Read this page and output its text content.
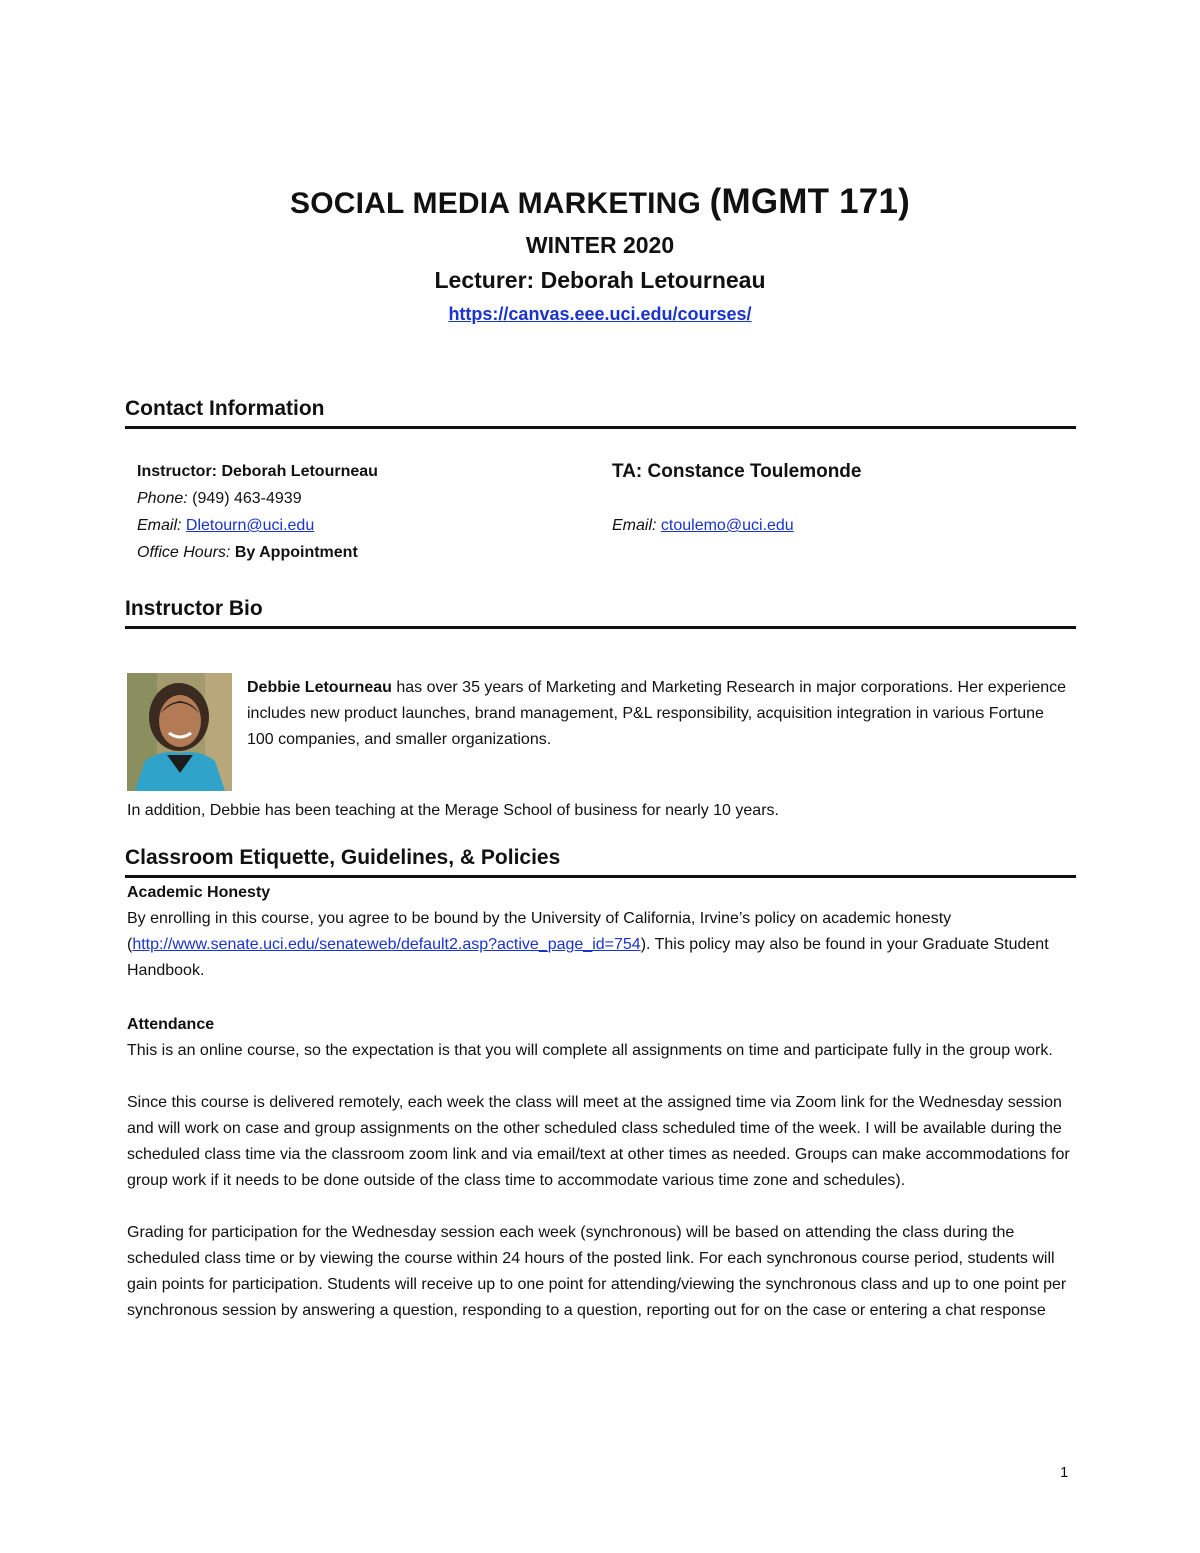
SOCIAL MEDIA MARKETING (MGMT 171)
WINTER 2020
Lecturer: Deborah Letourneau
https://canvas.eee.uci.edu/courses/
Contact Information
Instructor: Deborah Letourneau
Phone: (949) 463-4939
Email: Dletourn@uci.edu
Office Hours: By Appointment
TA: Constance Toulemonde
Email: ctoulemo@uci.edu
Instructor Bio
Debbie Letourneau has over 35 years of Marketing and Marketing Research in major corporations. Her experience includes new product launches, brand management, P&L responsibility, acquisition integration in various Fortune 100 companies, and smaller organizations.
In addition, Debbie has been teaching at the Merage School of business for nearly 10 years.
Classroom Etiquette, Guidelines, & Policies
Academic Honesty
By enrolling in this course, you agree to be bound by the University of California, Irvine’s policy on academic honesty (http://www.senate.uci.edu/senateweb/default2.asp?active_page_id=754). This policy may also be found in your Graduate Student Handbook.
Attendance
This is an online course, so the expectation is that you will complete all assignments on time and participate fully in the group work.
Since this course is delivered remotely, each week the class will meet at the assigned time via Zoom link for the Wednesday session and will work on case and group assignments on the other scheduled class scheduled time of the week. I will be available during the scheduled class time via the classroom zoom link and via email/text at other times as needed. Groups can make accommodations for group work if it needs to be done outside of the class time to accommodate various time zone and schedules).
Grading for participation for the Wednesday session each week (synchronous) will be based on attending the class during the scheduled class time or by viewing the course within 24 hours of the posted link. For each synchronous course period, students will gain points for participation. Students will receive up to one point for attending/viewing the synchronous class and up to one point per synchronous session by answering a question, responding to a question, reporting out for on the case or entering a chat response
1
